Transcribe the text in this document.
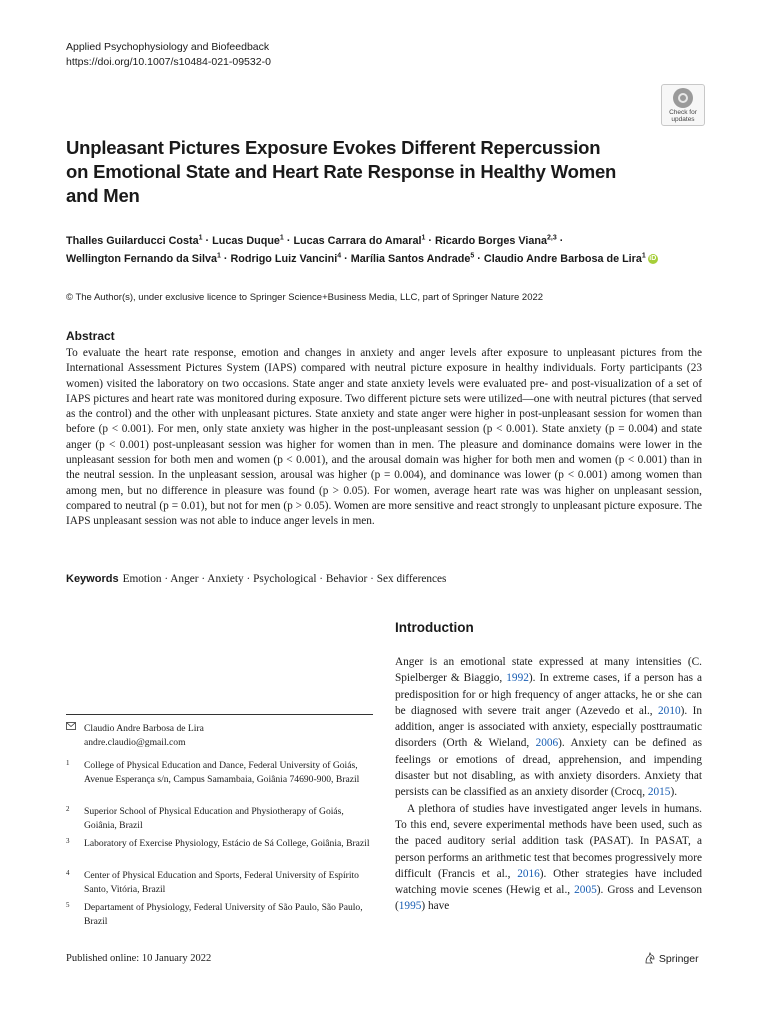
Applied Psychophysiology and Biofeedback
https://doi.org/10.1007/s10484-021-09532-0
Check for
updates
Unpleasant Pictures Exposure Evokes Different Repercussion on Emotional State and Heart Rate Response in Healthy Women and Men
Thalles Guilarducci Costa$^1$ · Lucas Duque$^1$ · Lucas Carrara do Amaral$^1$ · Ricardo Borges Viana$^{2,3}$ ·
Wellington Fernando da Silva$^1$ · Rodrigo Luiz Vancini$^4$ · Marília Santos Andrade$^5$ · Claudio Andre Barbosa de Lira$^1$ iD
© The Author(s), under exclusive licence to Springer Science+Business Media, LLC, part of Springer Nature 2022
Abstract
To evaluate the heart rate response, emotion and changes in anxiety and anger levels after exposure to unpleasant pictures from the International Assessment Pictures System (IAPS) compared with neutral picture exposure in healthy individuals. Forty participants (23 women) visited the laboratory on two occasions. State anger and state anxiety levels were evaluated pre- and post-visualization of a set of IAPS pictures and heart rate was monitored during exposure. Two different picture sets were utilized—one with neutral pictures (that served as the control) and the other with unpleasant pictures. State anxiety and state anger were higher in post-unpleasant session for women than before (p < 0.001). For men, only state anxiety was higher in the post-unpleasant session (p < 0.001). State anxiety (p = 0.004) and state anger (p < 0.001) post-unpleasant session was higher for women than in men. The pleasure and dominance domains were lower in the unpleasant session for both men and women (p < 0.001), and the arousal domain was higher for both men and women (p < 0.001) than in the neutral session. In the unpleasant session, arousal was higher (p = 0.004), and dominance was lower (p < 0.001) among women than among men, but no difference in pleasure was found (p > 0.05). For women, average heart rate was was higher on unpleasant session, compared to neutral (p = 0.01), but not for men (p > 0.05). Women are more sensitive and react strongly to unpleasant picture exposure. The IAPS unpleasant session was not able to induce anger levels in men.
Keywords Emotion · Anger · Anxiety · Psychological · Behavior · Sex differences
Introduction

Anger is an emotional state expressed at many intensities (C. Spielberger & Biaggio, 1992). In extreme cases, if a person has a predisposition for or high frequency of anger attacks, he or she can be diagnosed with severe trait anger (Azevedo et al., 2010). In addition, anger is associated with anxiety, especially posttraumatic disorders (Orth & Wieland, 2006). Anxiety can be defined as feelings or emotions of dread, apprehension, and impending disaster but not disabling, as with anxiety disorders. Anxiety that persists can be classified as an anxiety disorder (Crocq, 2015).

A plethora of studies have investigated anger levels in humans. To this end, severe experimental methods have been used, such as the paced auditory serial addition task (PASAT). In PASAT, a person performs an arithmetic test that becomes progressively more difficult (Francis et al., 2016). Other strategies have included watching movie scenes (Hewig et al., 2005). Gross and Levenson (1995) have

Claudio Andre Barbosa de Lira
andre.claudio@gmail.com
1 College of Physical Education and Dance, Federal University of Goiás, Avenue Esperança s/n, Campus Samambaia, Goiânia 74690-900, Brazil
2 Superior School of Physical Education and Physiotherapy of Goiás, Goiânia, Brazil
3 Laboratory of Exercise Physiology, Estácio de Sá College, Goiânia, Brazil
4 Center of Physical Education and Sports, Federal University of Espírito Santo, Vitória, Brazil
5 Departament of Physiology, Federal University of São Paulo, São Paulo, Brazil
Published online: 10 January 2022	Springer
